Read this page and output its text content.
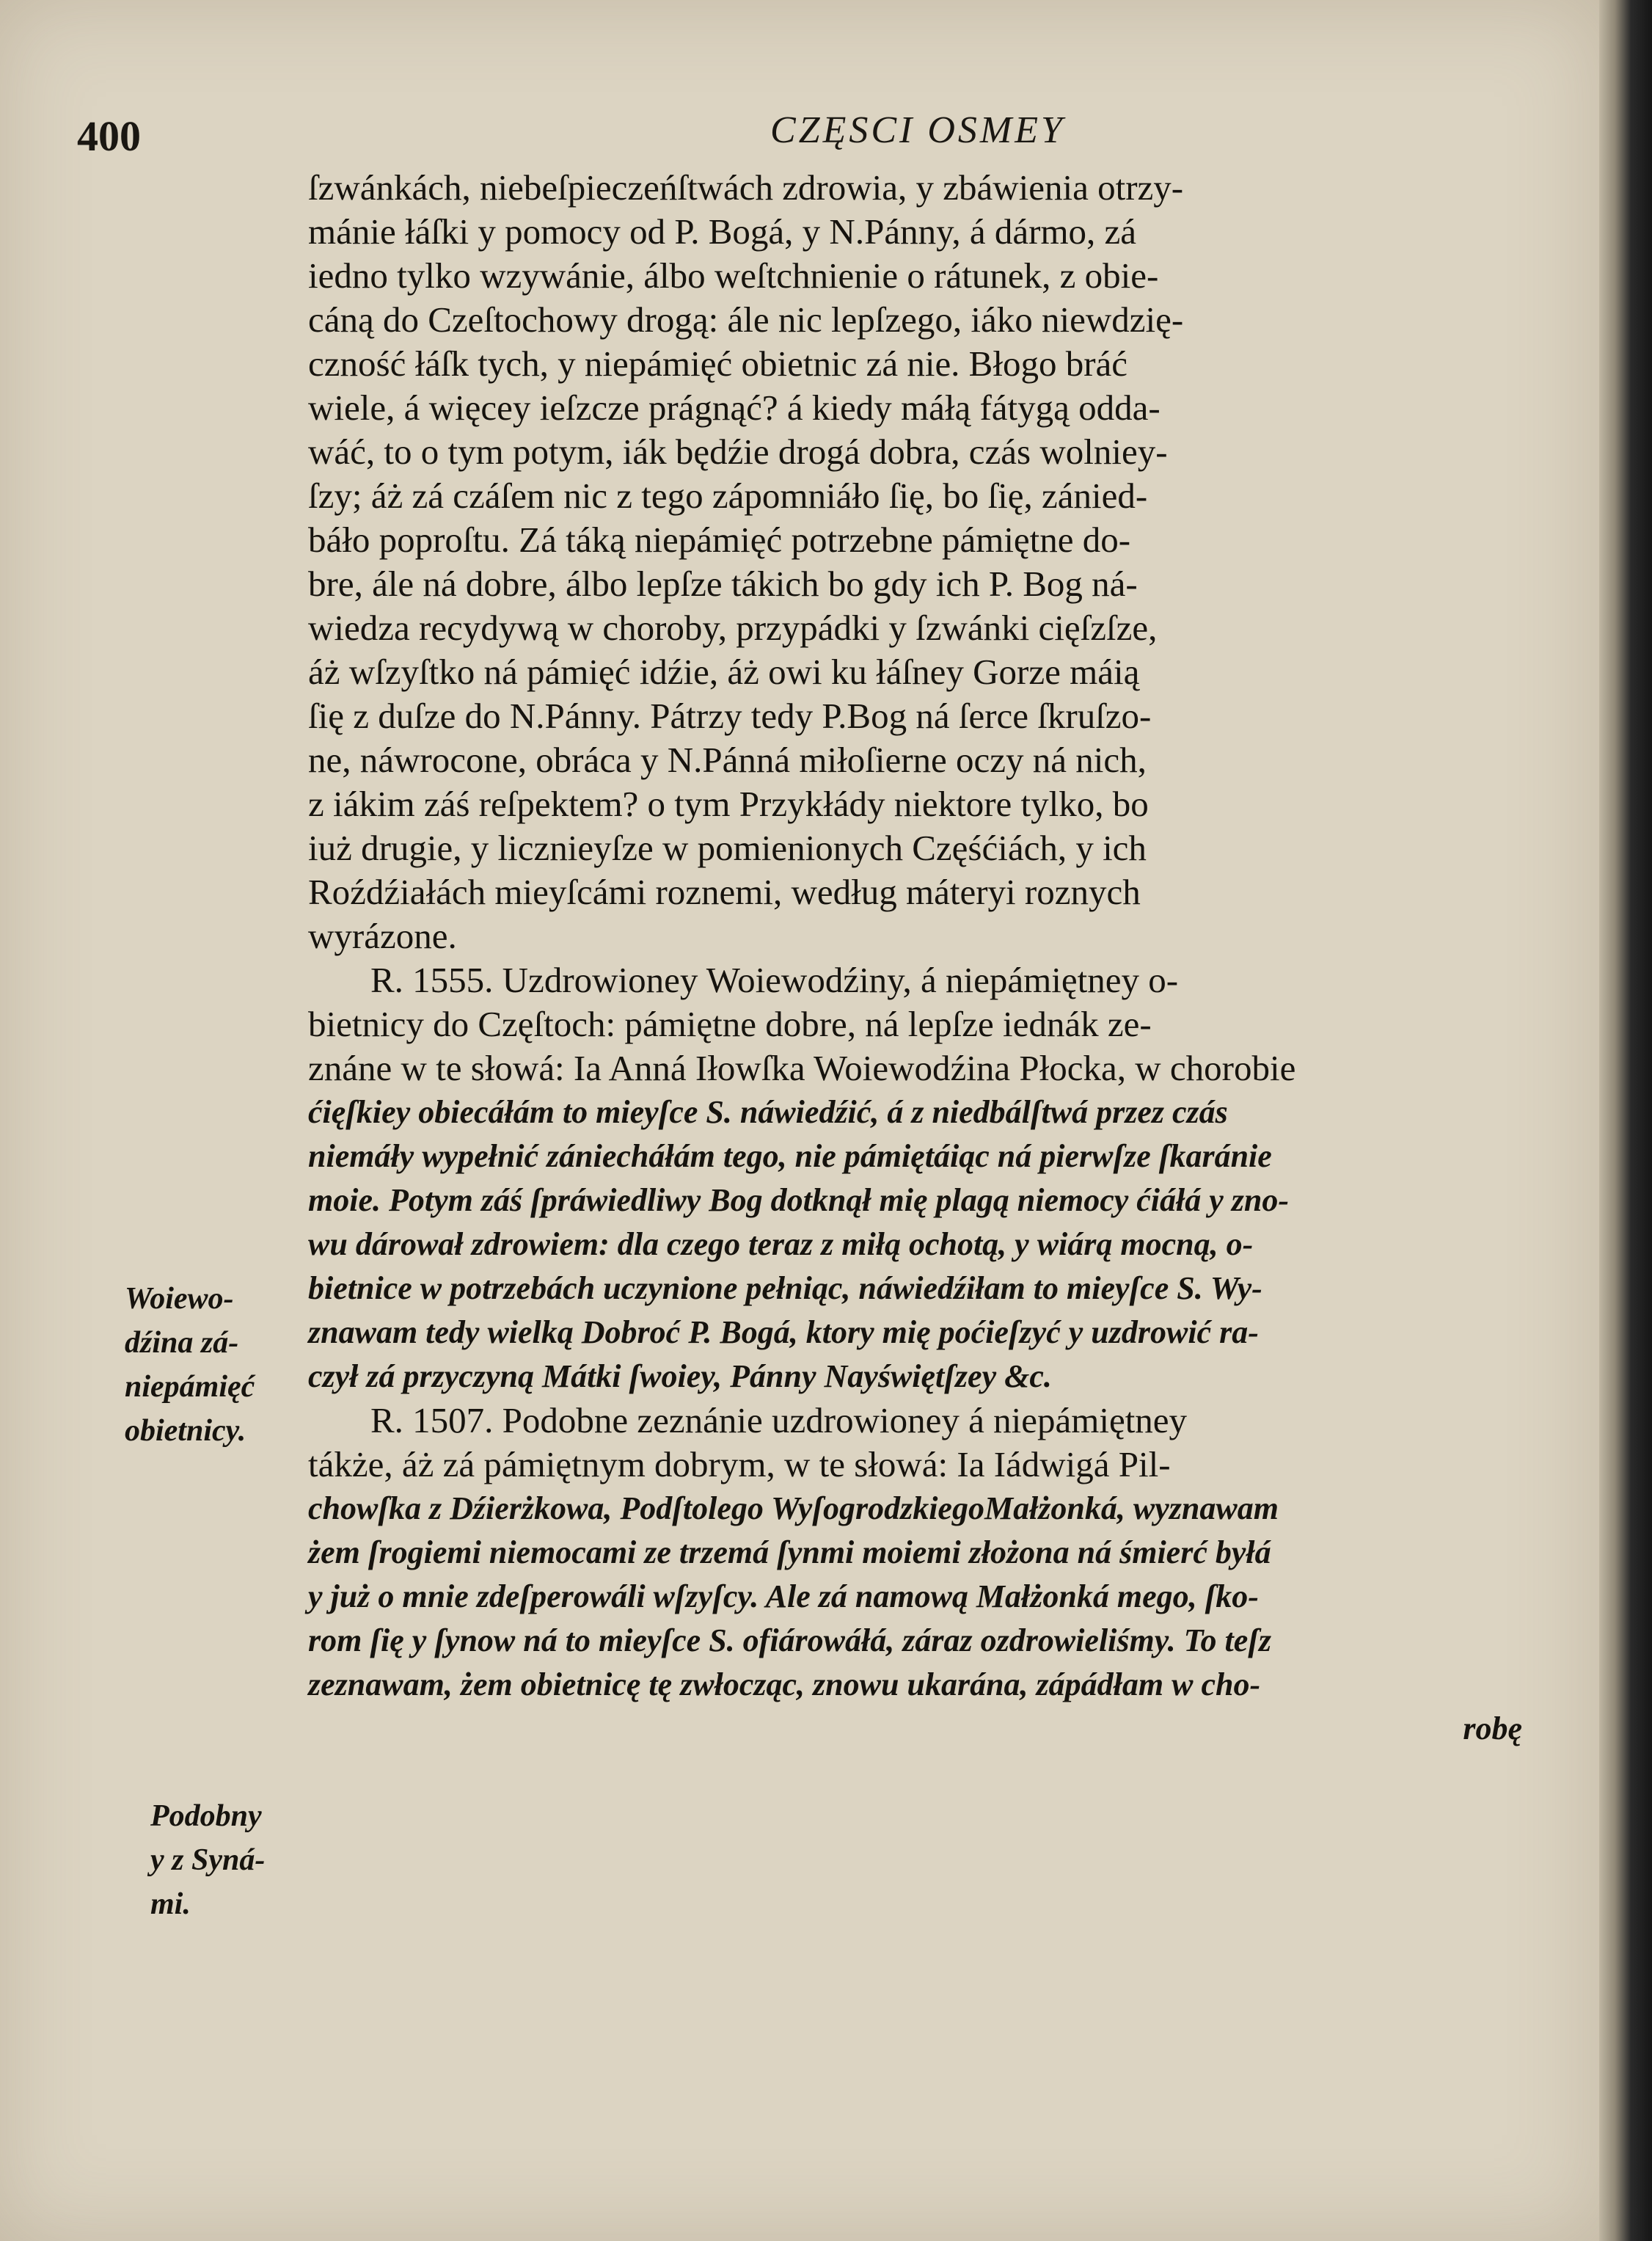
400	CZĘSCI OSMEY
ſzwánkách, niebeſpieczeńſtwách zdrowia, y zbáwienia otrzy-
mánie łáſki y pomocy od P. Bogá, y N.Pánny, á dármo, zá
iedno tylko wzywánie, álbo weſtchnienie o rátunek, z obie-
cáną do Czeſtochowy drogą: ále nic lepſzego, iáko niewdzię-
czność łáſk tych, y niepámięć obietnic zá nie. Błogo bráć
wiele, á więcey ieſzcze prágnąć? á kiedy máłą fátygą odda-
wáć, to o tym potym, iák będźie drogá dobra, czás wolniey-
ſzy; áż zá czáſem nic z tego zápomniáło ſię, bo ſię, zánied-
báło poproſtu. Zá táką niepámięć potrzebne pámiętne do-
bre, ále ná dobre, álbo lepſze tákich bo gdy ich P. Bog ná-
wiedza recydywą w choroby, przypádki y ſzwánki cięſzſze,
áż wſzyſtko ná pámięć idźie, áż owi ku łáſney Gorze máią
ſię z duſze do N.Pánny. Pátrzy tedy P.Bog ná ſerce ſkruſzo-
ne, náwrocone, obráca y N.Pánná miłoſierne oczy ná nich,
z iákim záś reſpektem? o tym Przykłády niektore tylko, bo
iuż drugie, y licznieyſze w pomienionych Częśćiách, y ich
Roźdźiałách mieyſcámi roznemi, według máteryi roznych
wyrázone.
R. 1555. Uzdrowioney Woiewodźiny, á niepámiętney o-
bietnicy do Częſtoch: pámiętne dobre, ná lepſze iednák ze-
znáne w te słowá: Ia Anná Iłowſka Woiewodźina Płocka, w chorobie
ćięſkiey obiecáłám to mieyſce S. náwiedźić, á z niedbálſtwá przez czás
niemáły wypełnić zániecháłám tego, nie pámiętáiąc ná pierwſze ſkaránie
moie. Potym záś ſpráwiedliwy Bog dotknął mię plagą niemocy ćiáłá y zno-
wu dárował zdrowiem: dla czego teraz z miłą ochotą, y wiárą mocną, o-
bietnice w potrzebách uczynione pełniąc, náwiedźiłam to mieyſce S. Wy-
znawam tedy wielką Dobroć P. Bogá, ktory mię poćieſzyć y uzdrowić ra-
czył zá przyczyną Mátki ſwoiey, Pánny Nayświętſzey &c.
R. 1507. Podobne zeznánie uzdrowioney á niepámiętney
tákże, áż zá pámiętnym dobrym, w te słowá: Ia Iádwigá Pil-
chowſka z Dźierżkowa, Podſtolego WyſogrodzkiegoMałżonká, wyznawam
żem ſrogiemi niemocami ze trzemá ſynmi moiemi złożona ná śmierć byłá
y już o mnie zdeſperowáli wſzyſcy. Ale zá namową Małżonká mego, ſko-
rom ſię y ſynow ná to mieyſce S. ofiárowáłá, záraz ozdrowieliśmy. To teſz
zeznawam, żem obietnicę tę zwłocząc, znowu ukarána, zápádłam w cho-
robę
Woiewo-
dźina zá-
niepámięć
obietnicy.
Podobny
y z Syná-
mi.
